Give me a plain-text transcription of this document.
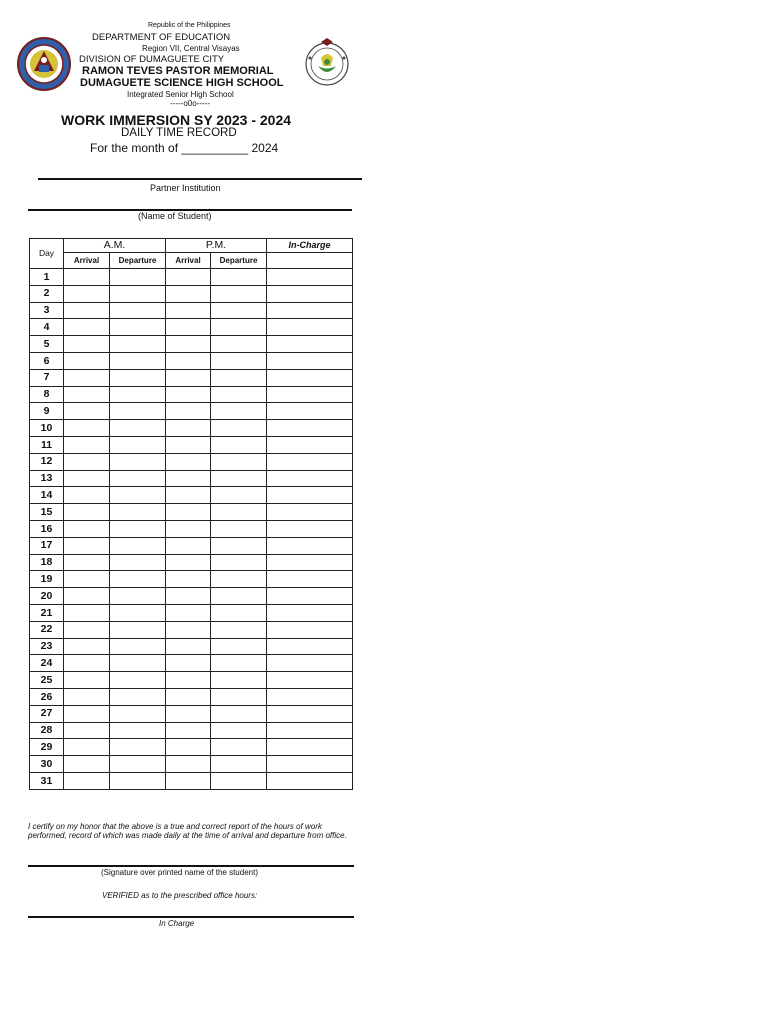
Republic of the Philippines
DEPARTMENT OF EDUCATION
Region VII, Central Visayas
DIVISION OF DUMAGUETE CITY
RAMON TEVES PASTOR MEMORIAL
DUMAGUETE SCIENCE HIGH SCHOOL
Integrated Senior High School
-----o0o-----
WORK IMMERSION SY 2023 - 2024
DAILY TIME RECORD
For the month of __________ 2024
Partner Institution
(Name of Student)
Day	A.M.		P.M.		In-Charge
	Arrival	Departure	Arrival	Departure	
1					
2					
3					
4					
5					
6					
7					
8					
9					
10					
11					
12					
13					
14					
15					
16					
17					
18					
19					
20					
21					
22					
23					
24					
25					
26					
27					
28					
29					
30					
31					
I certify on my honor that the above is a true and correct report of the hours of work performed, record of which was made daily at the time of arrival and departure from office.
(Signature over printed name of the student)
VERIFIED as to the prescribed office hours:
In Charge
